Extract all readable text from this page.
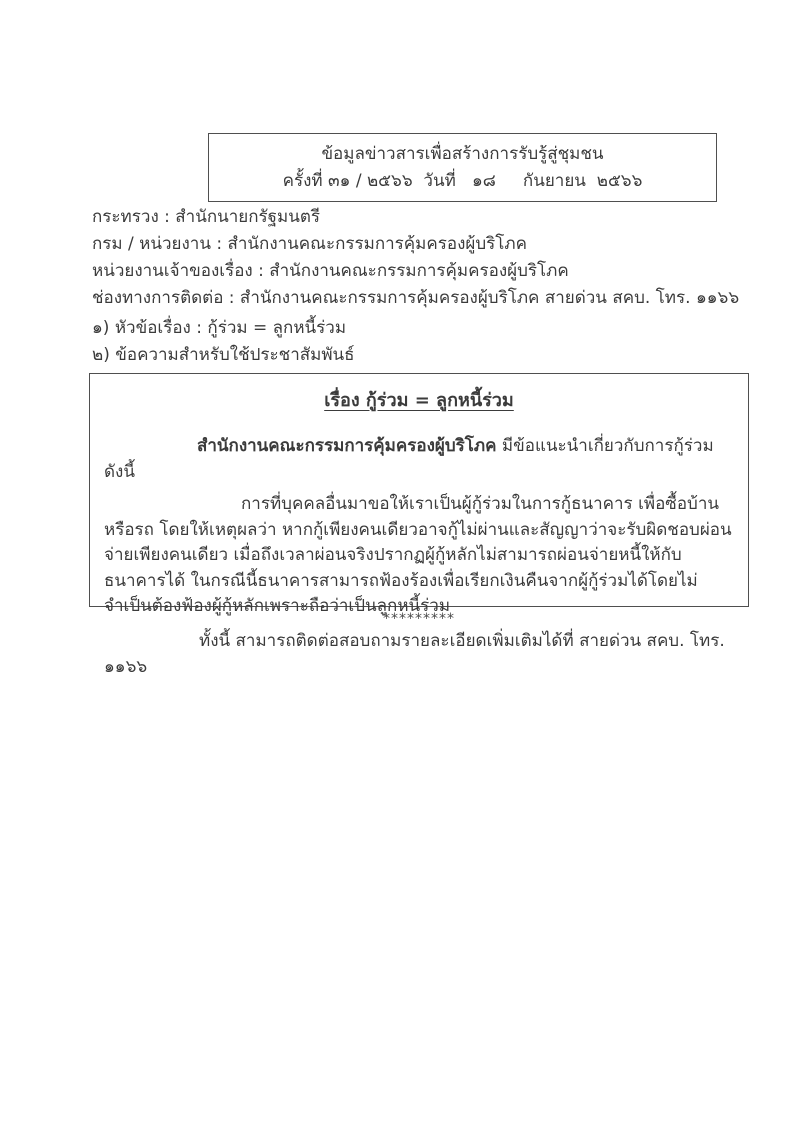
ข้อมูลข่าวสารเพื่อสร้างการรับรู้สู่ชุมชน
ครั้งที่ ๓๑ / ๒๕๖๖  วันที่   ๑๘     กันยายน  ๒๕๖๖

กระทรวง : สำนักนายกรัฐมนตรี

กรม / หน่วยงาน : สำนักงานคณะกรรมการคุ้มครองผู้บริโภค

หน่วยงานเจ้าของเรื่อง : สำนักงานคณะกรรมการคุ้มครองผู้บริโภค

ช่องทางการติดต่อ : สำนักงานคณะกรรมการคุ้มครองผู้บริโภค สายด่วน สคบ. โทร. ๑๑๖๖

๑) หัวข้อเรื่อง : กู้ร่วม = ลูกหนี้ร่วม

๒) ข้อความสำหรับใช้ประชาสัมพันธ์

เรื่อง กู้ร่วม = ลูกหนี้ร่วม

สำนักงานคณะกรรมการคุ้มครองผู้บริโภค มีข้อแนะนำเกี่ยวกับการกู้ร่วม ดังนี้

การที่บุคคลอื่นมาขอให้เราเป็นผู้กู้ร่วมในการกู้ธนาคาร เพื่อซื้อบ้านหรือรถ โดยให้เหตุผลว่า หากกู้เพียงคนเดียวอาจกู้ไม่ผ่านและสัญญาว่าจะรับผิดชอบผ่อนจ่ายเพียงคนเดียว เมื่อถึงเวลาผ่อนจริงปรากฏผู้กู้หลักไม่สามารถผ่อนจ่ายหนี้ให้กับธนาคารได้ ในกรณีนี้ธนาคารสามารถฟ้องร้องเพื่อเรียกเงินคืนจากผู้กู้ร่วมได้โดยไม่จำเป็นต้องฟ้องผู้กู้หลักเพราะถือว่าเป็นลูกหนี้ร่วม

ทั้งนี้ สามารถติดต่อสอบถามรายละเอียดเพิ่มเติมได้ที่ สายด่วน สคบ. โทร. ๑๑๖๖

*********
